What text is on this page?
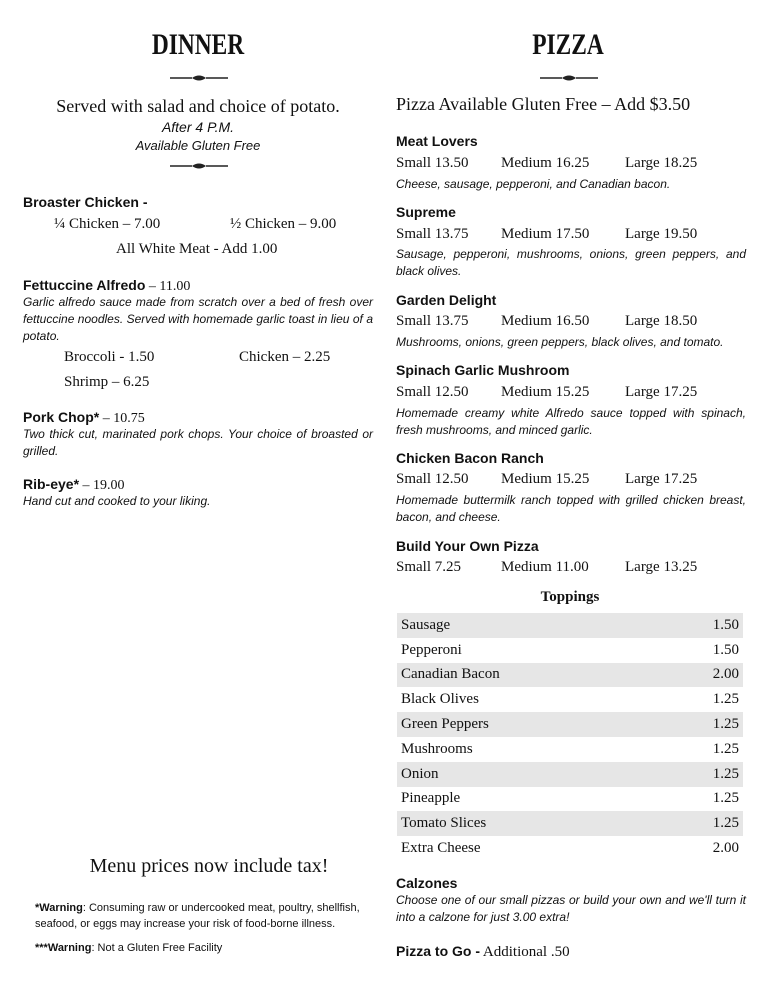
DINNER
Served with salad and choice of potato.
After 4 P.M.
Available Gluten Free
Broaster Chicken -
¼ Chicken – 7.00	½ Chicken – 9.00
All White Meat - Add 1.00
Fettuccine Alfredo – 11.00
Garlic alfredo sauce made from scratch over a bed of fresh over fettuccine noodles. Served with homemade garlic toast in lieu of a potato.
Broccoli - 1.50	Chicken – 2.25
Shrimp – 6.25
Pork Chop* – 10.75
Two thick cut, marinated pork chops. Your choice of broasted or grilled.
Rib-eye* – 19.00
Hand cut and cooked to your liking.
Menu prices now include tax!
*Warning: Consuming raw or undercooked meat, poultry, shellfish, seafood, or eggs may increase your risk of food-borne illness.
***Warning: Not a Gluten Free Facility
PIZZA
Pizza Available Gluten Free – Add $3.50
Meat Lovers
Small 13.50 Medium 16.25 Large 18.25
Cheese, sausage, pepperoni, and Canadian bacon.
Supreme
Small 13.75 Medium 17.50 Large 19.50
Sausage, pepperoni, mushrooms, onions, green peppers, and black olives.
Garden Delight
Small 13.75 Medium 16.50 Large 18.50
Mushrooms, onions, green peppers, black olives, and tomato.
Spinach Garlic Mushroom
Small 12.50 Medium 15.25 Large 17.25
Homemade creamy white Alfredo sauce topped with spinach, fresh mushrooms, and minced garlic.
Chicken Bacon Ranch
Small 12.50 Medium 15.25 Large 17.25
Homemade buttermilk ranch topped with grilled chicken breast, bacon, and cheese.
Build Your Own Pizza
Small 7.25	Medium 11.00 Large 13.25
Toppings
Sausage	1.50
Pepperoni	1.50
Canadian Bacon	2.00
Black Olives	1.25
Green Peppers	1.25
Mushrooms	1.25
Onion	1.25
Pineapple	1.25
Tomato Slices	1.25
Extra Cheese	2.00
Calzones
Choose one of our small pizzas or build your own and we'll turn it into a calzone for just 3.00 extra!
Pizza to Go - Additional .50
